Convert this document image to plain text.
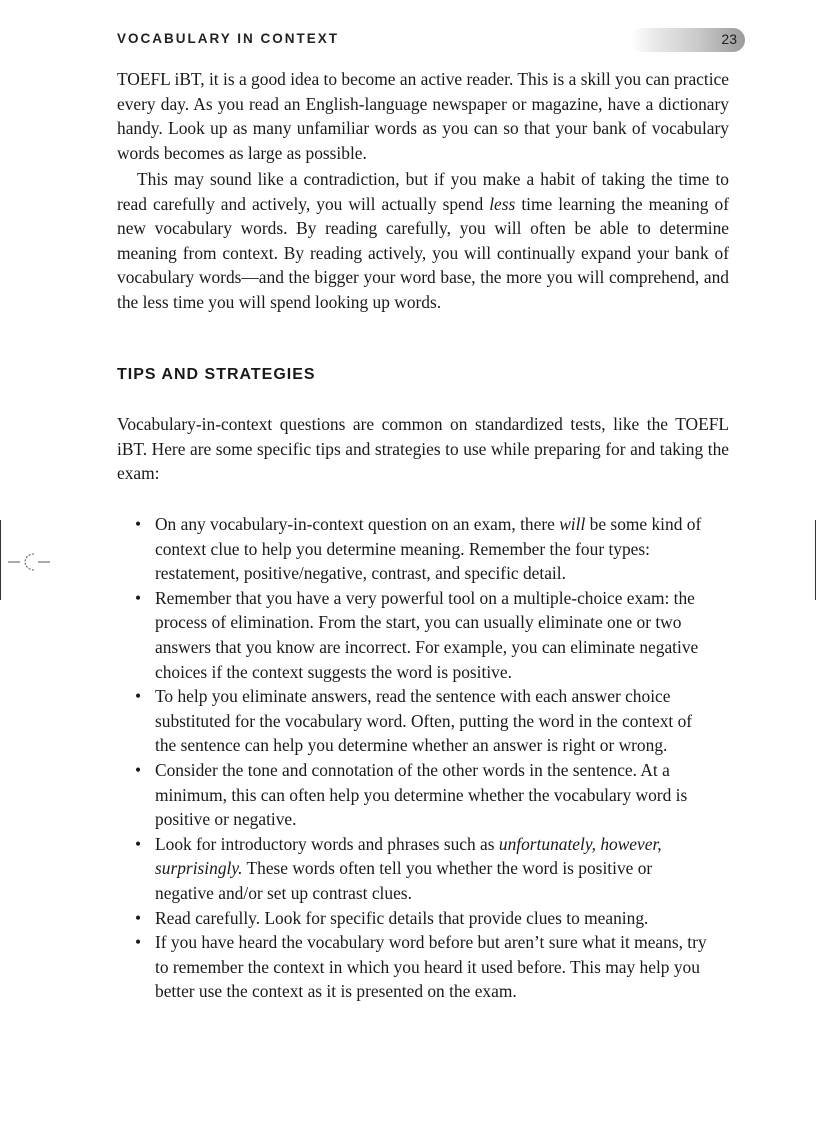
VOCABULARY IN CONTEXT	23

TOEFL iBT, it is a good idea to become an active reader. This is a skill you can practice every day. As you read an English-language newspaper or magazine, have a dictionary handy. Look up as many unfamiliar words as you can so that your bank of vocabulary words becomes as large as possible.

This may sound like a contradiction, but if you make a habit of taking the time to read carefully and actively, you will actually spend less time learning the meaning of new vocabulary words. By reading carefully, you will often be able to determine meaning from context. By reading actively, you will continually expand your bank of vocabulary words—and the bigger your word base, the more you will comprehend, and the less time you will spend looking up words.

TIPS AND STRATEGIES

Vocabulary-in-context questions are common on standardized tests, like the TOEFL iBT. Here are some specific tips and strategies to use while preparing for and taking the exam:

• On any vocabulary-in-context question on an exam, there will be some kind of context clue to help you determine meaning. Remember the four types: restatement, positive/negative, contrast, and specific detail.
• Remember that you have a very powerful tool on a multiple-choice exam: the process of elimination. From the start, you can usually eliminate one or two answers that you know are incorrect. For example, you can eliminate negative choices if the context suggests the word is positive.
• To help you eliminate answers, read the sentence with each answer choice substituted for the vocabulary word. Often, putting the word in the context of the sentence can help you determine whether an answer is right or wrong.
• Consider the tone and connotation of the other words in the sentence. At a minimum, this can often help you determine whether the vocabulary word is positive or negative.
• Look for introductory words and phrases such as unfortunately, however, surprisingly. These words often tell you whether the word is positive or negative and/or set up contrast clues.
• Read carefully. Look for specific details that provide clues to meaning.
• If you have heard the vocabulary word before but aren’t sure what it means, try to remember the context in which you heard it used before. This may help you better use the context as it is presented on the exam.
